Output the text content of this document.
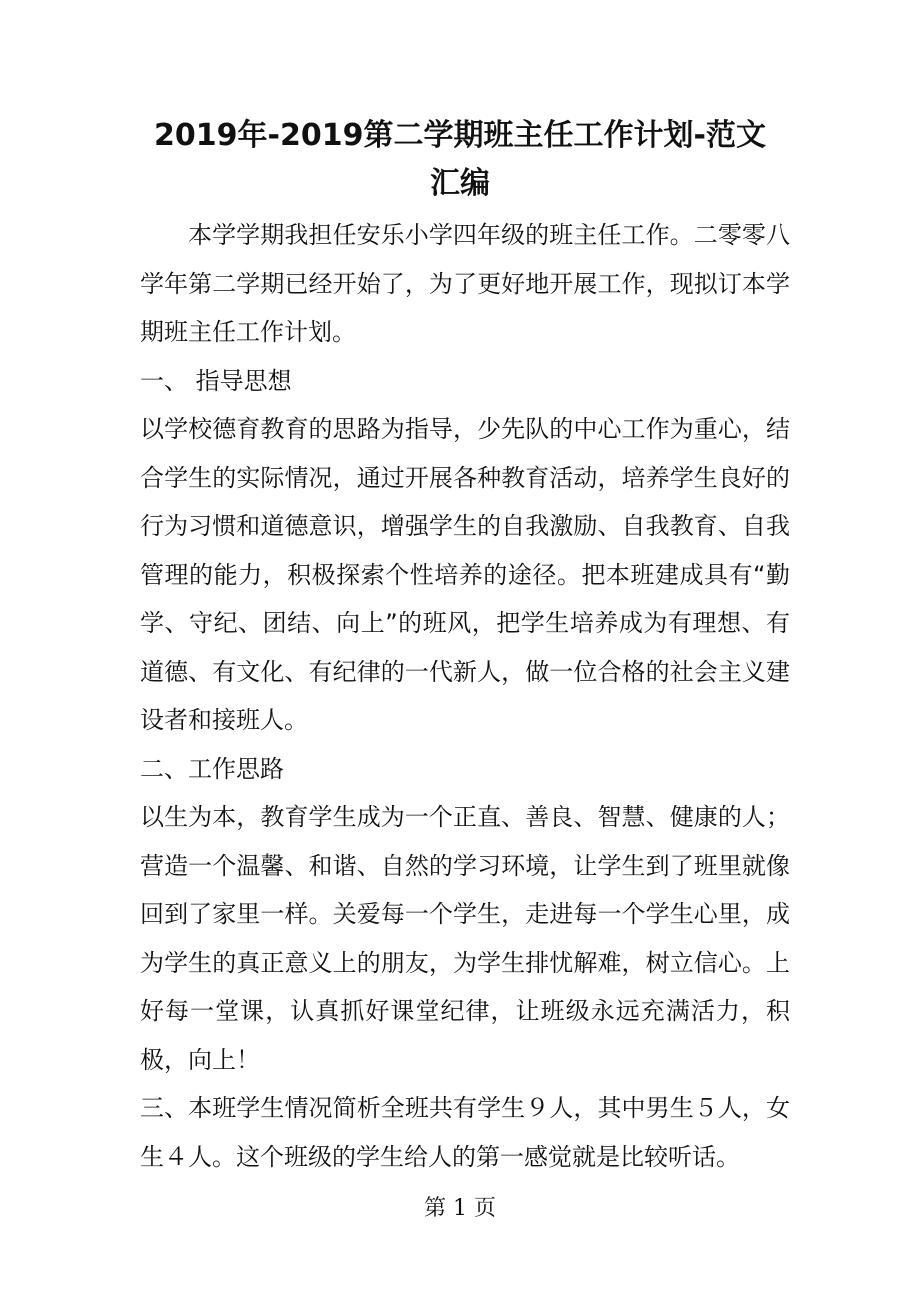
2019年-2019第二学期班主任工作计划-范文汇编

本学学期我担任安乐小学四年级的班主任工作。二零零八学年第二学期已经开始了，为了更好地开展工作，现拟订本学期班主任工作计划。

一、 指导思想

以学校德育教育的思路为指导，少先队的中心工作为重心，结合学生的实际情况，通过开展各种教育活动，培养学生良好的行为习惯和道德意识，增强学生的自我激励、自我教育、自我管理的能力，积极探索个性培养的途径。把本班建成具有“勤学、守纪、团结、向上”的班风，把学生培养成为有理想、有道德、有文化、有纪律的一代新人，做一位合格的社会主义建设者和接班人。

二、工作思路

以生为本，教育学生成为一个正直、善良、智慧、健康的人；营造一个温馨、和谐、自然的学习环境，让学生到了班里就像回到了家里一样。关爱每一个学生，走进每一个学生心里，成为学生的真正意义上的朋友，为学生排忧解难，树立信心。上好每一堂课，认真抓好课堂纪律，让班级永远充满活力，积极，向上！

三、本班学生情况简析全班共有学生９人，其中男生５人，女生４人。这个班级的学生给人的第一感觉就是比较听话。

第 1 页
